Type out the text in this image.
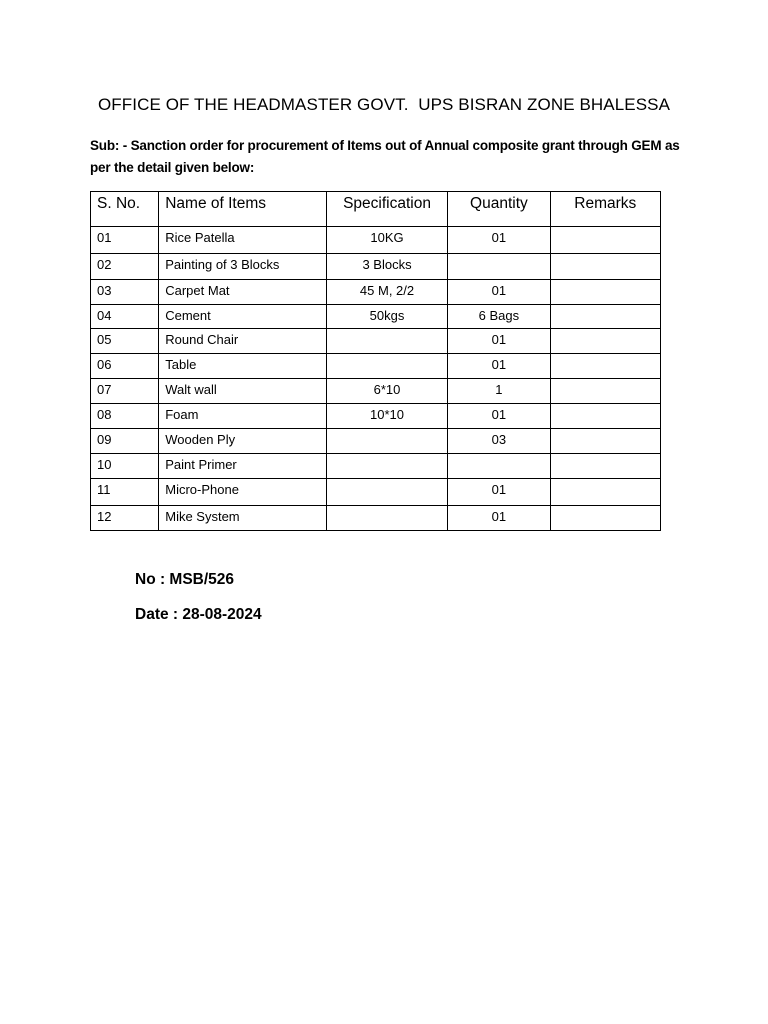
OFFICE OF THE HEADMASTER GOVT.  UPS BISRAN ZONE BHALESSA
Sub: - Sanction order for procurement of Items out of Annual composite grant through GEM as per the detail given below:
S. No.	Name of Items	Specification	Quantity	Remarks
01	Rice Patella	10KG	01	
02	Painting of 3 Blocks	3 Blocks		
03	Carpet Mat	45 M, 2/2	01	
04	Cement	50kgs	6 Bags	
05	Round Chair		01	
06	Table		01	
07	Walt wall	6*10	1	
08	Foam	10*10	01	
09	Wooden Ply		03	
10	Paint Primer			
11	Micro-Phone		01	
12	Mike System		01	
No : MSB/526
Date : 28-08-2024
